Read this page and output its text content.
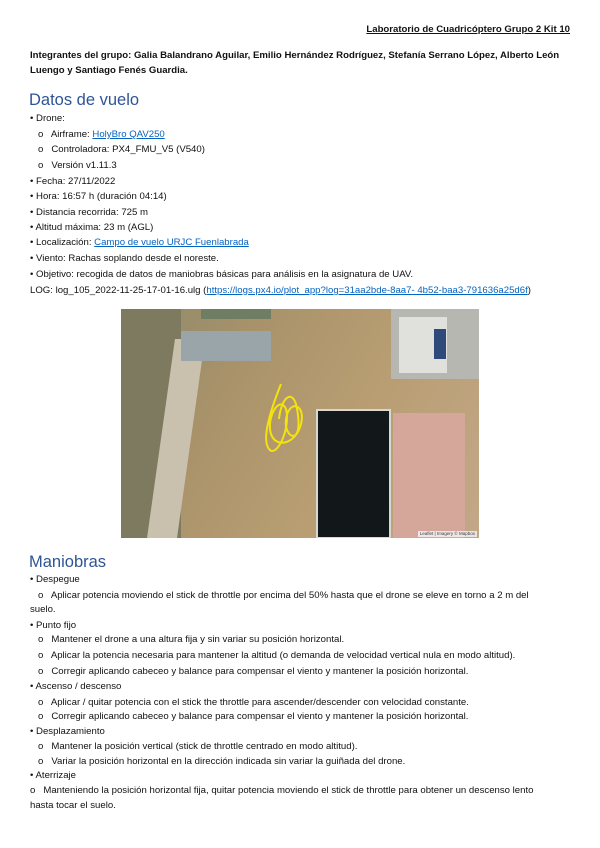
Laboratorio de Cuadricóptero Grupo 2 Kit 10
Integrantes del grupo: Galia Balandrano Aguilar, Emilio Hernández Rodríguez, Stefanía Serrano López, Alberto León
Luengo y Santiago Fenés Guardia.
Datos de vuelo
• Drone:
o   Airframe: HolyBro QAV250
o   Controladora: PX4_FMU_V5 (V540)
o   Versión v1.11.3
• Fecha: 27/11/2022
• Hora: 16:57 h (duración 04:14)
• Distancia recorrida: 725 m
• Altitud máxima: 23 m (AGL)
• Localización: Campo de vuelo URJC Fuenlabrada
• Viento: Rachas soplando desde el noreste.
• Objetivo: recogida de datos de maniobras básicas para análisis en la asignatura de UAV.
LOG: log_105_2022-11-25-17-01-16.ulg (https://logs.px4.io/plot_app?log=31aa2bde-8aa7- 4b52-baa3-791636a25d6f)
Leaflet | Imagery © Mapbox
Maniobras
• Despegue
o   Aplicar potencia moviendo el stick de throttle por encima del 50% hasta que el drone se eleve en torno a 2 m del
suelo.
• Punto fijo
o   Mantener el drone a una altura fija y sin variar su posición horizontal.
o   Aplicar la potencia necesaria para mantener la altitud (o demanda de velocidad vertical nula en modo altitud).
o   Corregir aplicando cabeceo y balance para compensar el viento y mantener la posición horizontal.
• Ascenso / descenso
o   Aplicar / quitar potencia con el stick the throttle para ascender/descender con velocidad constante.
o   Corregir aplicando cabeceo y balance para compensar el viento y mantener la posición horizontal.
• Desplazamiento
o   Mantener la posición vertical (stick de throttle centrado en modo altitud).
o   Variar la posición horizontal en la dirección indicada sin variar la guiñada del drone.
• Aterrizaje
o   Manteniendo la posición horizontal fija, quitar potencia moviendo el stick de throttle para obtener un descenso lento
hasta tocar el suelo.
